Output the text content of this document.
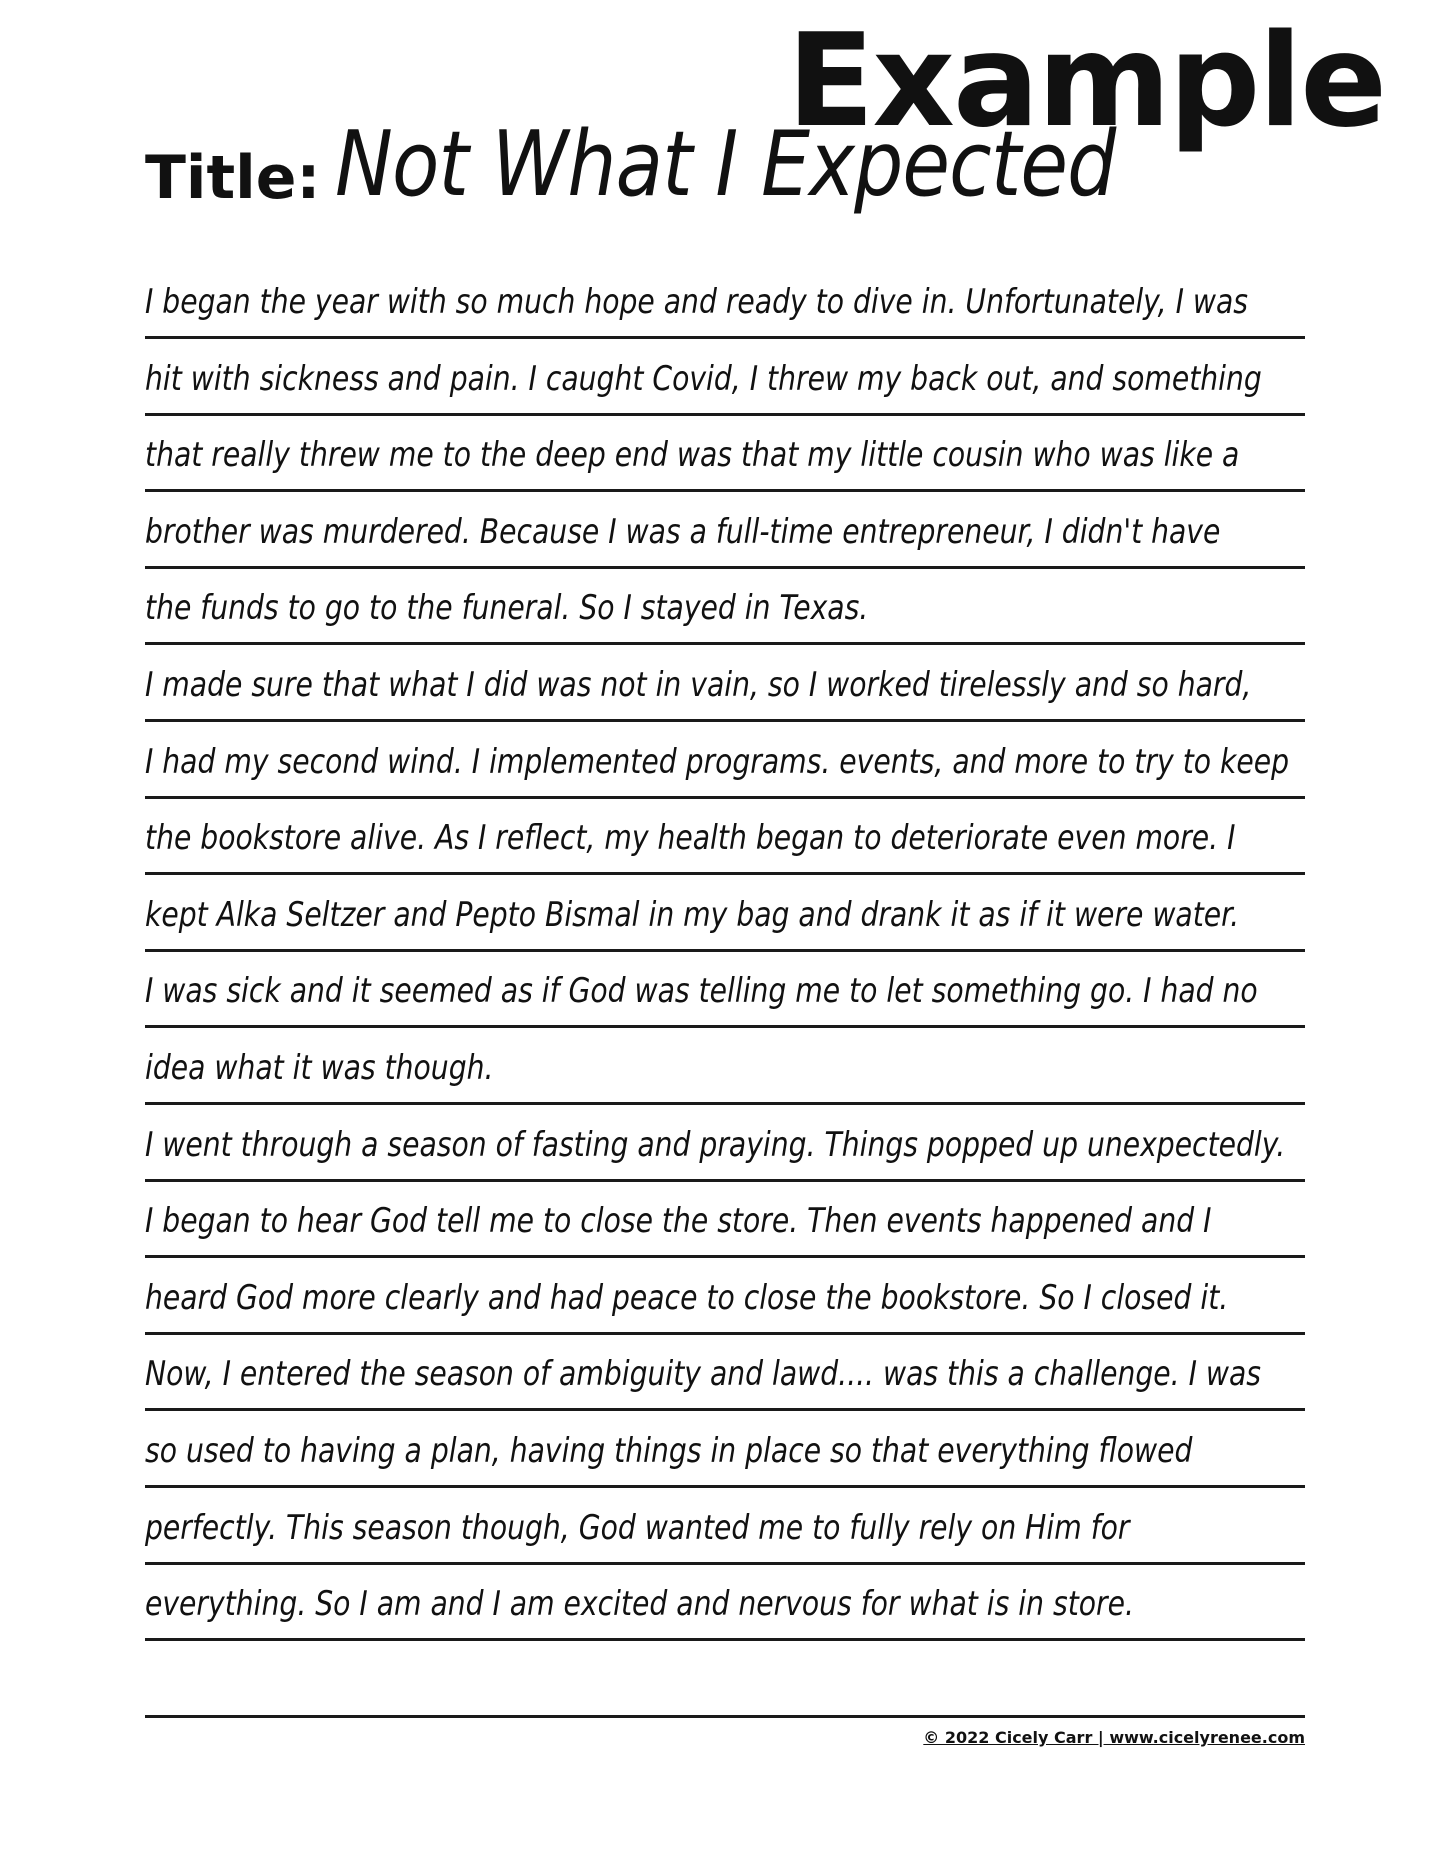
Example
Title: Not What I Expected
I began the year with so much hope and ready to dive in. Unfortunately, I was
hit with sickness and pain. I caught Covid, I threw my back out, and something
that really threw me to the deep end was that my little cousin who was like a
brother was murdered. Because I was a full-time entrepreneur, I didn't have
the funds to go to the funeral. So I stayed in Texas.
I made sure that what I did was not in vain, so I worked tirelessly and so hard,
I had my second wind. I implemented programs. events, and more to try to keep
the bookstore alive. As I reflect, my health began to deteriorate even more. I
kept Alka Seltzer and Pepto Bismal in my bag and drank it as if it were water.
I was sick and it seemed as if God was telling me to let something go. I had no
idea what it was though.
I went through a season of fasting and praying. Things popped up unexpectedly.
I began to hear God tell me to close the store. Then events happened and I
heard God more clearly and had peace to close the bookstore. So I closed it.
Now, I entered the season of ambiguity and lawd.... was this a challenge. I was
so used to having a plan, having things in place so that everything flowed
perfectly. This season though, God wanted me to fully rely on Him for
everything. So I am and I am excited and nervous for what is in store.
© 2022 Cicely Carr | www.cicelyrenee.com
